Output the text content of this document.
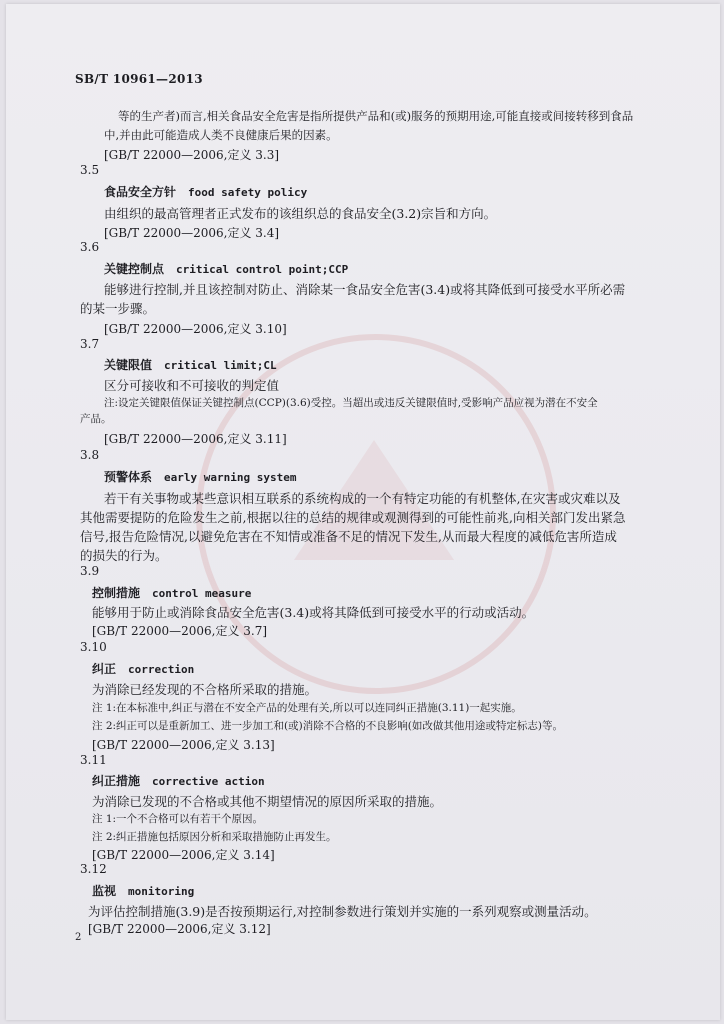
SB/T 10961—2013
等的生产者)而言,相关食品安全危害是指所提供产品和(或)服务的预期用途,可能直接或间接转移到食品
中,并由此可能造成人类不良健康后果的因素。
[GB/T 22000—2006,定义 3.3]
3.5
食品安全方针 food safety policy
由组织的最高管理者正式发布的该组织总的食品安全(3.2)宗旨和方向。
[GB/T 22000—2006,定义 3.4]
3.6
关键控制点 critical control point;CCP
能够进行控制,并且该控制对防止、消除某一食品安全危害(3.4)或将其降低到可接受水平所必需
的某一步骤。
[GB/T 22000—2006,定义 3.10]
3.7
关键限值 critical limit;CL
区分可接收和不可接收的判定值
注:设定关键限值保证关键控制点(CCP)(3.6)受控。当超出或违反关键限值时,受影响产品应视为潜在不安全
产品。
[GB/T 22000—2006,定义 3.11]
3.8
预警体系 early warning system
若干有关事物或某些意识相互联系的系统构成的一个有特定功能的有机整体,在灾害或灾难以及
其他需要提防的危险发生之前,根据以往的总结的规律或观测得到的可能性前兆,向相关部门发出紧急
信号,报告危险情况,以避免危害在不知情或准备不足的情况下发生,从而最大程度的减低危害所造成
的损失的行为。
3.9
控制措施 control measure
能够用于防止或消除食品安全危害(3.4)或将其降低到可接受水平的行动或活动。
[GB/T 22000—2006,定义 3.7]
3.10
纠正 correction
为消除已经发现的不合格所采取的措施。
注 1:在本标准中,纠正与潜在不安全产品的处理有关,所以可以连同纠正措施(3.11)一起实施。
注 2:纠正可以是重新加工、进一步加工和(或)消除不合格的不良影响(如改做其他用途或特定标志)等。
[GB/T 22000—2006,定义 3.13]
3.11
纠正措施 corrective action
为消除已发现的不合格或其他不期望情况的原因所采取的措施。
注 1:一个不合格可以有若干个原因。
注 2:纠正措施包括原因分析和采取措施防止再发生。
[GB/T 22000—2006,定义 3.14]
3.12
监视 monitoring
为评估控制措施(3.9)是否按预期运行,对控制参数进行策划并实施的一系列观察或测量活动。
[GB/T 22000—2006,定义 3.12]
2
